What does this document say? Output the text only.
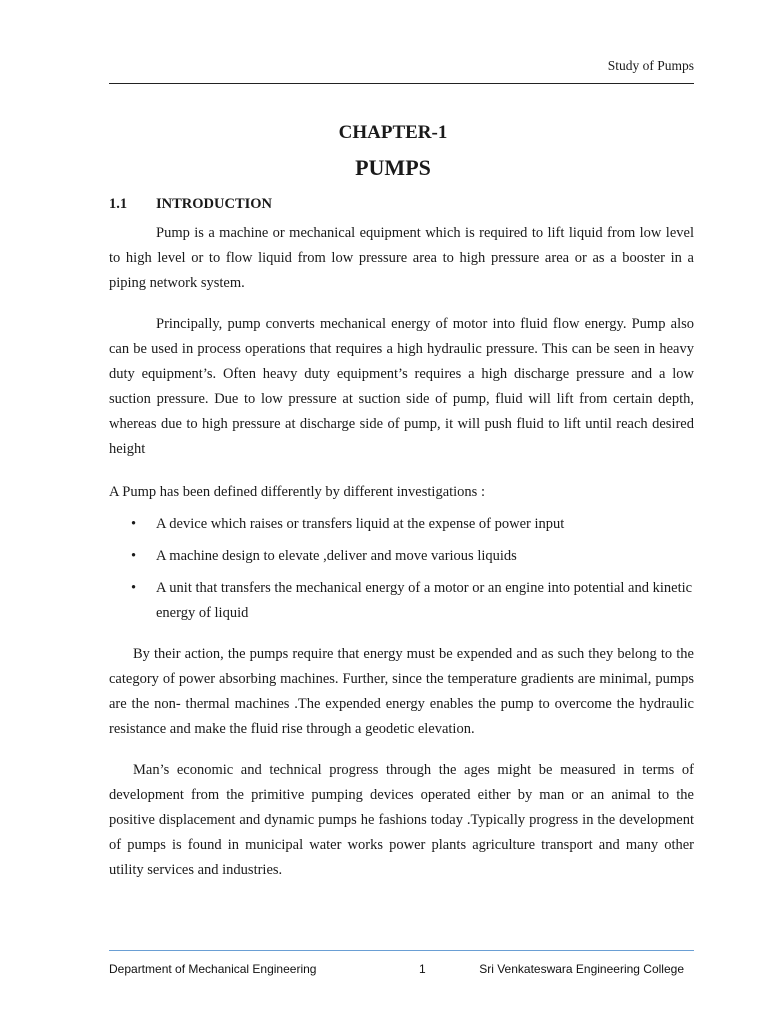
Study of Pumps
CHAPTER-1
PUMPS
1.1 INTRODUCTION

Pump is a machine or mechanical equipment which is required to lift liquid from low level to high level or to flow liquid from low pressure area to high pressure area or as a booster in a piping network system.

Principally, pump converts mechanical energy of motor into fluid flow energy. Pump also can be used in process operations that requires a high hydraulic pressure. This can be seen in heavy duty equipment’s. Often heavy duty equipment’s requires a high discharge pressure and a low suction pressure. Due to low pressure at suction side of pump, fluid will lift from certain depth, whereas due to high pressure at discharge side of pump, it will push fluid to lift until reach desired height

A Pump has been defined differently by different investigations :

• A device which raises or transfers liquid at the expense of power input
• A machine design to elevate ,deliver and move various liquids
• A unit that transfers the mechanical energy of a motor or an engine into potential and kinetic energy of liquid

By their action, the pumps require that energy must be expended and as such they belong to the category of power absorbing machines. Further, since the temperature gradients are minimal, pumps are the non- thermal machines .The expended energy enables the pump to overcome the hydraulic resistance and make the fluid rise through a geodetic elevation.

Man’s economic and technical progress through the ages might be measured in terms of development from the primitive pumping devices operated either by man or an animal to the positive displacement and dynamic pumps he fashions today .Typically progress in the development of pumps is found in municipal water works power plants agriculture transport and many other utility services and industries.

Department of Mechanical Engineering	1	Sri Venkateswara Engineering College
